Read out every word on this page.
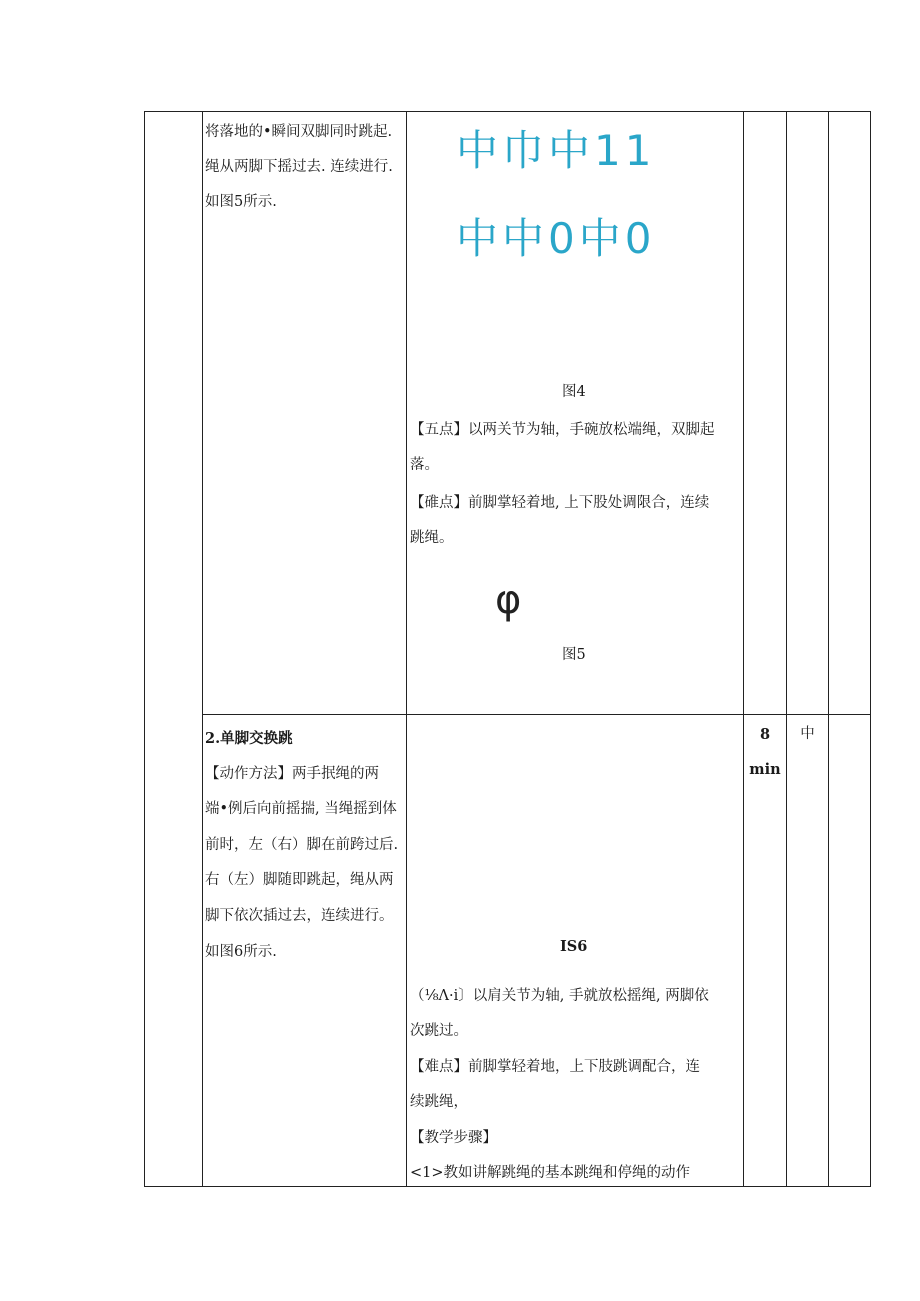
将落地的•瞬间双脚同时跳起.
绳从两脚下摇过去. 连续进行.
如图5所示.
中巾中11
中中0中0
图4
【五点】以两关节为轴，手碗放松端绳，双脚起
落。
【碓点】前脚掌轻着地, 上下股处调限合，连续
跳绳。
φ
图5
2.单脚交换跳
【动作方法】两手抿绳的两
端•例后向前摇揣, 当绳摇到体
前时，左（右）脚在前跨过后.
右（左）脚随即跳起，绳从两
脚下依次插过去，连续进行。
如图6所示.
8
min
中
IS6
（⅛Λ·i〕以肩关节为轴, 手就放松摇绳, 两脚依
次跳过。
【难点】前脚掌轻着地，上下肢跳调配合，连
续跳绳，
【教学步骤】
<1>教如讲解跳绳的基本跳绳和停绳的动作
